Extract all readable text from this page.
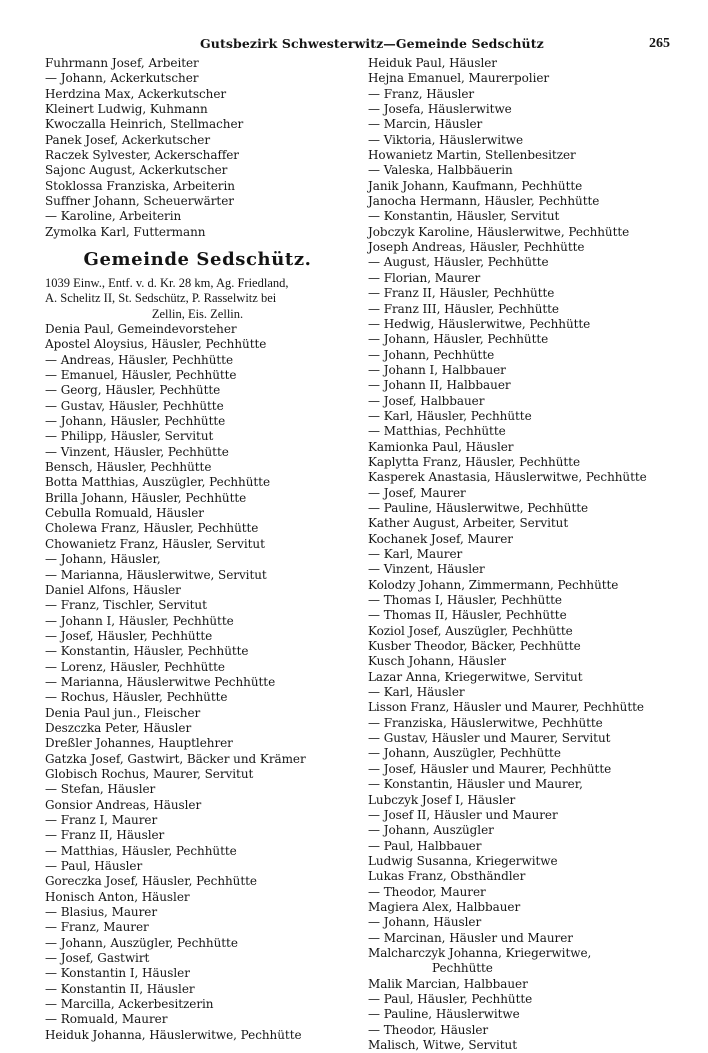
Gutsbezirk Schwesterwitz—Gemeinde Sedschütz	265
Fuhrmann Josef, Arbeiter
— Johann, Ackerkutscher
Herdzina Max, Ackerkutscher
Kleinert Ludwig, Kuhmann
Kwoczalla Heinrich, Stellmacher
Panek Josef, Ackerkutscher
Raczek Sylvester, Ackerschaffer
Sajonc August, Ackerkutscher
Stoklossa Franziska, Arbeiterin
Suffner Johann, Scheuerwärter
— Karoline, Arbeiterin
Zymolka Karl, Futtermann
Gemeinde Sedschütz.
1039 Einw., Entf. v. d. Kr. 28 km, Ag. Friedland,
A. Schelitz II, St. Sedschütz, P. Rasselwitz bei
Zellin, Eis. Zellin.
Denia Paul, Gemeindevorsteher
Apostel Aloysius, Häusler, Pechhütte
— Andreas, Häusler, Pechhütte
— Emanuel, Häusler, Pechhütte
— Georg, Häusler, Pechhütte
— Gustav, Häusler, Pechhütte
— Johann, Häusler, Pechhütte
— Philipp, Häusler, Servitut
— Vinzent, Häusler, Pechhütte
Bensch, Häusler, Pechhütte
Botta Matthias, Auszügler, Pechhütte
Brilla Johann, Häusler, Pechhütte
Cebulla Romuald, Häusler
Cholewa Franz, Häusler, Pechhütte
Chowanietz Franz, Häusler, Servitut
— Johann, Häusler,
— Marianna, Häuslerwitwe, Servitut
Daniel Alfons, Häusler
— Franz, Tischler, Servitut
— Johann I, Häusler, Pechhütte
— Josef, Häusler, Pechhütte
— Konstantin, Häusler, Pechhütte
— Lorenz, Häusler, Pechhütte
— Marianna, Häuslerwitwe Pechhütte
— Rochus, Häusler, Pechhütte
Denia Paul jun., Fleischer
Deszczka Peter, Häusler
Dreßler Johannes, Hauptlehrer
Gatzka Josef, Gastwirt, Bäcker und Krämer
Globisch Rochus, Maurer, Servitut
— Stefan, Häusler
Gonsior Andreas, Häusler
— Franz I, Maurer
— Franz II, Häusler
— Matthias, Häusler, Pechhütte
— Paul, Häusler
Goreczka Josef, Häusler, Pechhütte
Honisch Anton, Häusler
— Blasius, Maurer
— Franz, Maurer
— Johann, Auszügler, Pechhütte
— Josef, Gastwirt
— Konstantin I, Häusler
— Konstantin II, Häusler
— Marcilla, Ackerbesitzerin
— Romuald, Maurer
Heiduk Johanna, Häuslerwitwe, Pechhütte
Heiduk Paul, Häusler
Hejna Emanuel, Maurerpolier
— Franz, Häusler
— Josefa, Häuslerwitwe
— Marcin, Häusler
— Viktoria, Häuslerwitwe
Howanietz Martin, Stellenbesitzer
— Valeska, Halbbäuerin
Janik Johann, Kaufmann, Pechhütte
Janocha Hermann, Häusler, Pechhütte
— Konstantin, Häusler, Servitut
Jobczyk Karoline, Häuslerwitwe, Pechhütte
Joseph Andreas, Häusler, Pechhütte
— August, Häusler, Pechhütte
— Florian, Maurer
— Franz II, Häusler, Pechhütte
— Franz III, Häusler, Pechhütte
— Hedwig, Häuslerwitwe, Pechhütte
— Johann, Häusler, Pechhütte
— Johann, Pechhütte
— Johann I, Halbbauer
— Johann II, Halbbauer
— Josef, Halbbauer
— Karl, Häusler, Pechhütte
— Matthias, Pechhütte
Kamionka Paul, Häusler
Kaplytta Franz, Häusler, Pechhütte
Kasperek Anastasia, Häuslerwitwe, Pechhütte
— Josef, Maurer
— Pauline, Häuslerwitwe, Pechhütte
Kather August, Arbeiter, Servitut
Kochanek Josef, Maurer
— Karl, Maurer
— Vinzent, Häusler
Kolodzy Johann, Zimmermann, Pechhütte
— Thomas I, Häusler, Pechhütte
— Thomas II, Häusler, Pechhütte
Koziol Josef, Auszügler, Pechhütte
Kusber Theodor, Bäcker, Pechhütte
Kusch Johann, Häusler
Lazar Anna, Kriegerwitwe, Servitut
— Karl, Häusler
Lisson Franz, Häusler und Maurer, Pechhütte
— Franziska, Häuslerwitwe, Pechhütte
— Gustav, Häusler und Maurer, Servitut
— Johann, Auszügler, Pechhütte
— Josef, Häusler und Maurer, Pechhütte
— Konstantin, Häusler und Maurer,
Lubczyk Josef I, Häusler
— Josef II, Häusler und Maurer
— Johann, Auszügler
— Paul, Halbbauer
Ludwig Susanna, Kriegerwitwe
Lukas Franz, Obsthändler
— Theodor, Maurer
Magiera Alex, Halbbauer
— Johann, Häusler
— Marcinan, Häusler und Maurer
Malcharczyk Johanna, Kriegerwitwe,
Pechhütte
Malik Marcian, Halbbauer
— Paul, Häusler, Pechhütte
— Pauline, Häuslerwitwe
— Theodor, Häusler
Malisch, Witwe, Servitut
